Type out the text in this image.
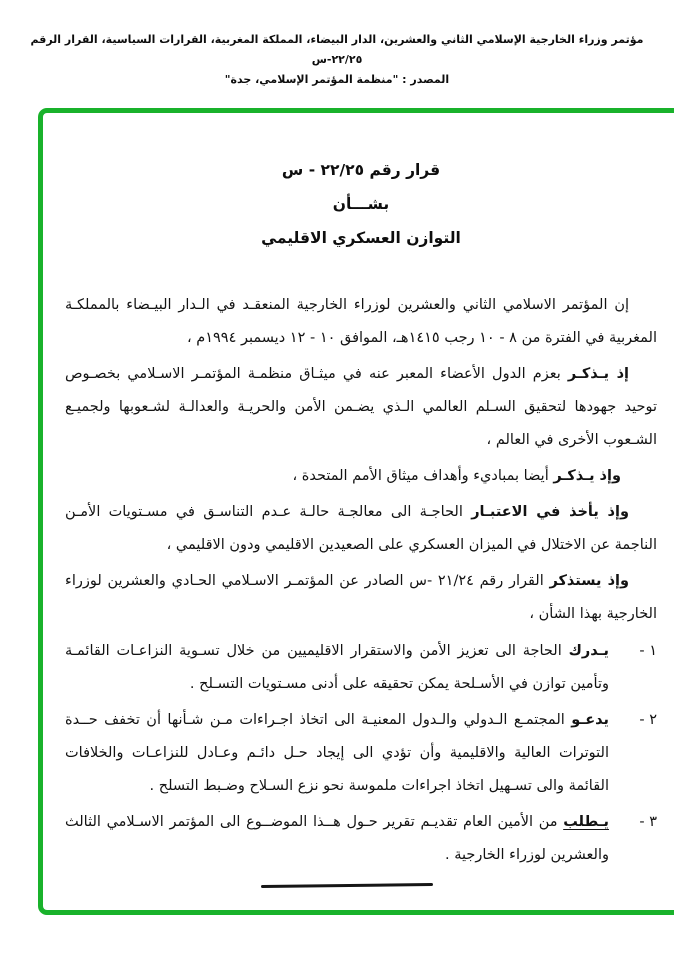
مؤتمر وزراء الخارجية الإسلامي الثاني والعشرين، الدار البيضاء، المملكة المغربية، القرارات السياسية، القرار الرقم ٢٢/٢٥-س
المصدر : "منظمة المؤتمر الإسلامي، جدة"
قرار رقم ٢٢/٢٥ - س
بشـــأن
التوازن العسكري الاقليمي

إن المؤتمر الاسلامي الثاني والعشرين لوزراء الخارجية المنعقـد في الـدار البيـضاء بالمملكـة المغربية في الفترة من ٨ - ١٠ رجب ١٤١٥هـ، الموافق ١٠ - ١٢ ديسمبر ١٩٩٤م ،

إذ يـذكـر بعزم الدول الأعضاء المعبر عنه في ميثـاق منظمـة المؤتمـر الاسـلامي بخصـوص توحيد جهودها لتحقيق السـلم العالمي الـذي يضـمن الأمن والحريـة والعدالـة لشـعوبها ولجميـع الشـعوب الأخرى في العالم ،

وإذ يـذكـر أيضا بمباديء وأهداف ميثاق الأمم المتحدة ،

وإذ يأخذ في الاعتبـار الحاجـة الى معالجـة حالـة عـدم التناسـق في مسـتويات الأمـن الناجمة عن الاختلال في الميزان العسكري على الصعيدين الاقليمي ودون الاقليمي ،

وإذ يستذكر القرار رقم ٢١/٢٤ -س الصادر عن المؤتمـر الاسـلامي الحـادي والعشرين لوزراء الخارجية بهذا الشأن ،

١ -
يـدرك الحاجة الى تعزيز الأمن والاستقرار الاقليميين من خلال تسـوية النزاعـات القائمـة وتأمين توازن في الأسـلحة يمكن تحقيقه على أدنى مسـتويات التسـلح .
٢ -
يدعـو المجتمـع الـدولي والـدول المعنيـة الى اتخاذ اجـراءات مـن شـأنها أن تخفف حــدة التوترات العالية والاقليمية وأن تؤدي الى إيجاد حـل دائـم وعـادل للنزاعـات والخلافات القائمة والى تسـهيل اتخاذ اجراءات ملموسة نحو نزع السـلاح وضـبط التسلح .
٣ -
يـطلب من الأمين العام تقديـم تقرير حـول هــذا الموضــوع الى المؤتمر الاسـلامي الثالث والعشرين لوزراء الخارجية .
